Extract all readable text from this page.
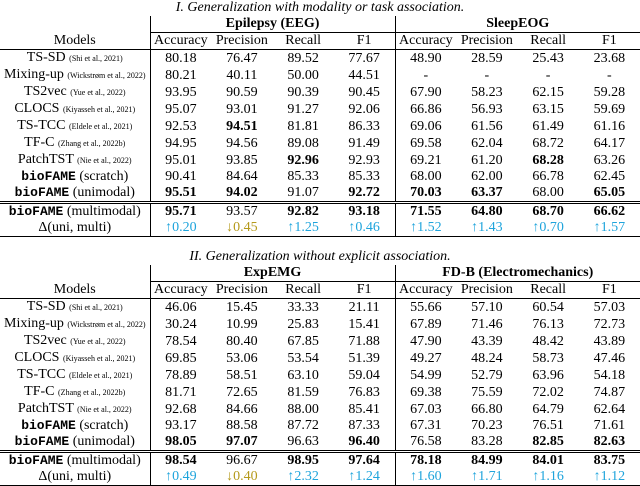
I. Generalization with modality or task association.
	Epilepsy (EEG)				SleepEOG			
Models	Accuracy	Precision	Recall	F1	Accuracy	Precision	Recall	F1
TS-SD (Shi et al., 2021)	80.18	76.47	89.52	77.67	48.90	28.59	25.43	23.68
Mixing-up (Wickstrøm et al., 2022)	80.21	40.11	50.00	44.51	-	-	-	-
TS2vec (Yue et al., 2022)	93.95	90.59	90.39	90.45	67.90	58.23	62.15	59.28
CLOCS (Kiyasseh et al., 2021)	95.07	93.01	91.27	92.06	66.86	56.93	63.15	59.69
TS-TCC (Eldele et al., 2021)	92.53	94.51	81.81	86.33	69.06	61.56	61.49	61.16
TF-C (Zhang et al., 2022b)	94.95	94.56	89.08	91.49	69.58	62.04	68.72	64.17
PatchTST (Nie et al., 2022)	95.01	93.85	92.96	92.93	69.21	61.20	68.28	63.26
bioFAME (scratch)	90.41	84.64	85.33	85.33	68.00	62.00	66.78	62.45
bioFAME (unimodal)	95.51	94.02	91.07	92.72	70.03	63.37	68.00	65.05
bioFAME (multimodal)	95.71	93.57	92.82	93.18	71.55	64.80	68.70	66.62
Δ(uni, multi)	↑0.20	↓0.45	↑1.25	↑0.46	↑1.52	↑1.43	↑0.70	↑1.57
II. Generalization without explicit association.
	ExpEMG				FD-B (Electromechanics)			
Models	Accuracy	Precision	Recall	F1	Accuracy	Precision	Recall	F1
TS-SD (Shi et al., 2021)	46.06	15.45	33.33	21.11	55.66	57.10	60.54	57.03
Mixing-up (Wickstrøm et al., 2022)	30.24	10.99	25.83	15.41	67.89	71.46	76.13	72.73
TS2vec (Yue et al., 2022)	78.54	80.40	67.85	71.88	47.90	43.39	48.42	43.89
CLOCS (Kiyasseh et al., 2021)	69.85	53.06	53.54	51.39	49.27	48.24	58.73	47.46
TS-TCC (Eldele et al., 2021)	78.89	58.51	63.10	59.04	54.99	52.79	63.96	54.18
TF-C (Zhang et al., 2022b)	81.71	72.65	81.59	76.83	69.38	75.59	72.02	74.87
PatchTST (Nie et al., 2022)	92.68	84.66	88.00	85.41	67.03	66.80	64.79	62.64
bioFAME (scratch)	93.17	88.58	87.72	87.33	67.31	70.23	76.51	71.61
bioFAME (unimodal)	98.05	97.07	96.63	96.40	76.58	83.28	82.85	82.63
bioFAME (multimodal)	98.54	96.67	98.95	97.64	78.18	84.99	84.01	83.75
Δ(uni, multi)	↑0.49	↓0.40	↑2.32	↑1.24	↑1.60	↑1.71	↑1.16	↑1.12
